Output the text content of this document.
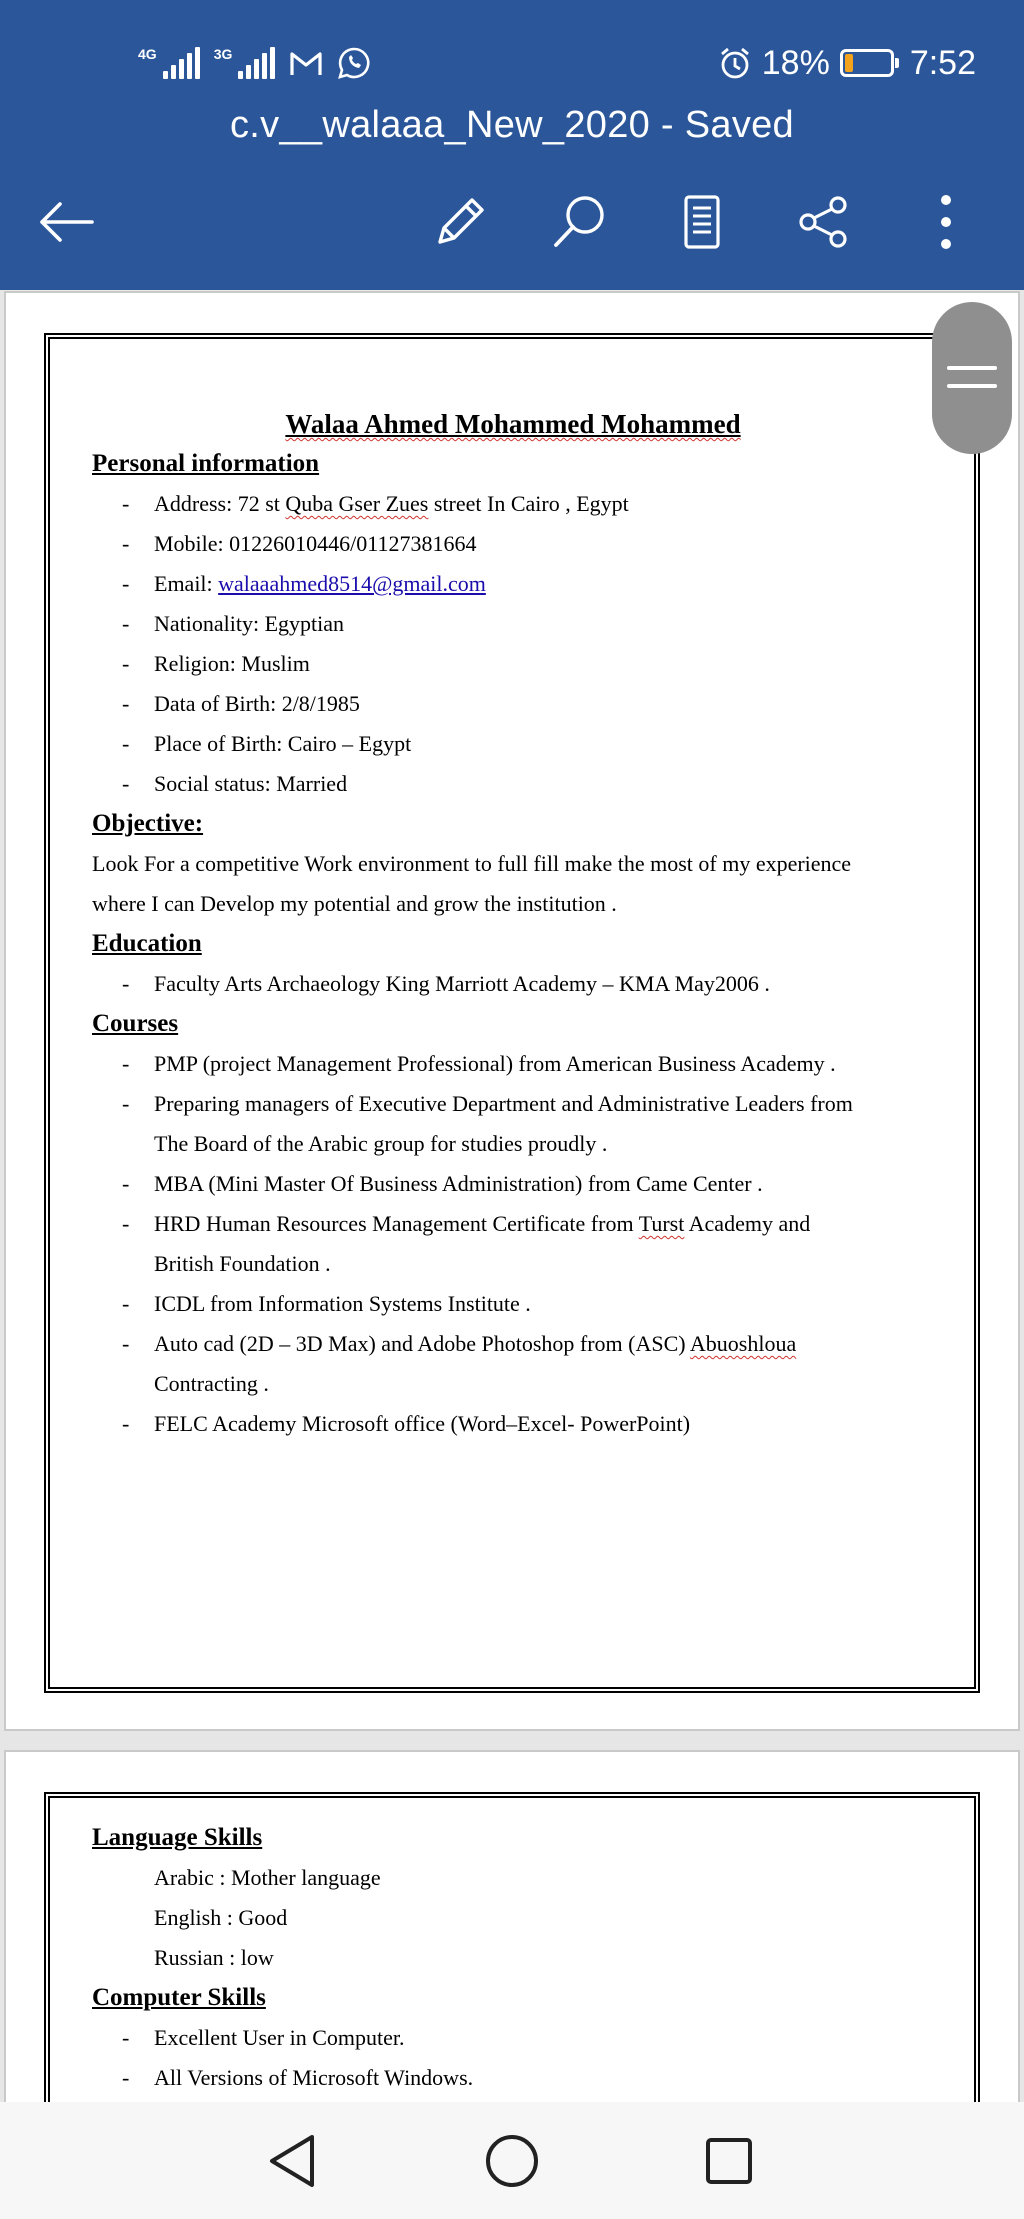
4G	3G	18% 7:52
c.v__walaaa_New_2020 - Saved
Walaa Ahmed Mohammed Mohammed
Personal information
- Address: 72 st Quba Gser Zues street In Cairo , Egypt
- Mobile: 01226010446/01127381664
- Email: walaaahmed8514@gmail.com
- Nationality: Egyptian
- Religion: Muslim
- Data of Birth: 2/8/1985
- Place of Birth: Cairo – Egypt
- Social status: Married
Objective:
Look For a competitive Work environment to full fill make the most of my experience
where I can Develop my potential and grow the institution .
Education
- Faculty Arts Archaeology King Marriott Academy – KMA May2006 .
Courses
- PMP (project Management Professional) from American Business Academy .
- Preparing managers of Executive Department and Administrative Leaders from
The Board of the Arabic group for studies proudly .
- MBA (Mini Master Of Business Administration) from Came Center .
- HRD Human Resources Management Certificate from Turst Academy and
British Foundation .
- ICDL from Information Systems Institute .
- Auto cad (2D – 3D Max) and Adobe Photoshop from (ASC) Abuoshloua
Contracting .
- FELC Academy Microsoft office (Word–Excel- PowerPoint)
Language Skills
Arabic : Mother language
English : Good
Russian : low
Computer Skills
- Excellent User in Computer.
- All Versions of Microsoft Windows.
